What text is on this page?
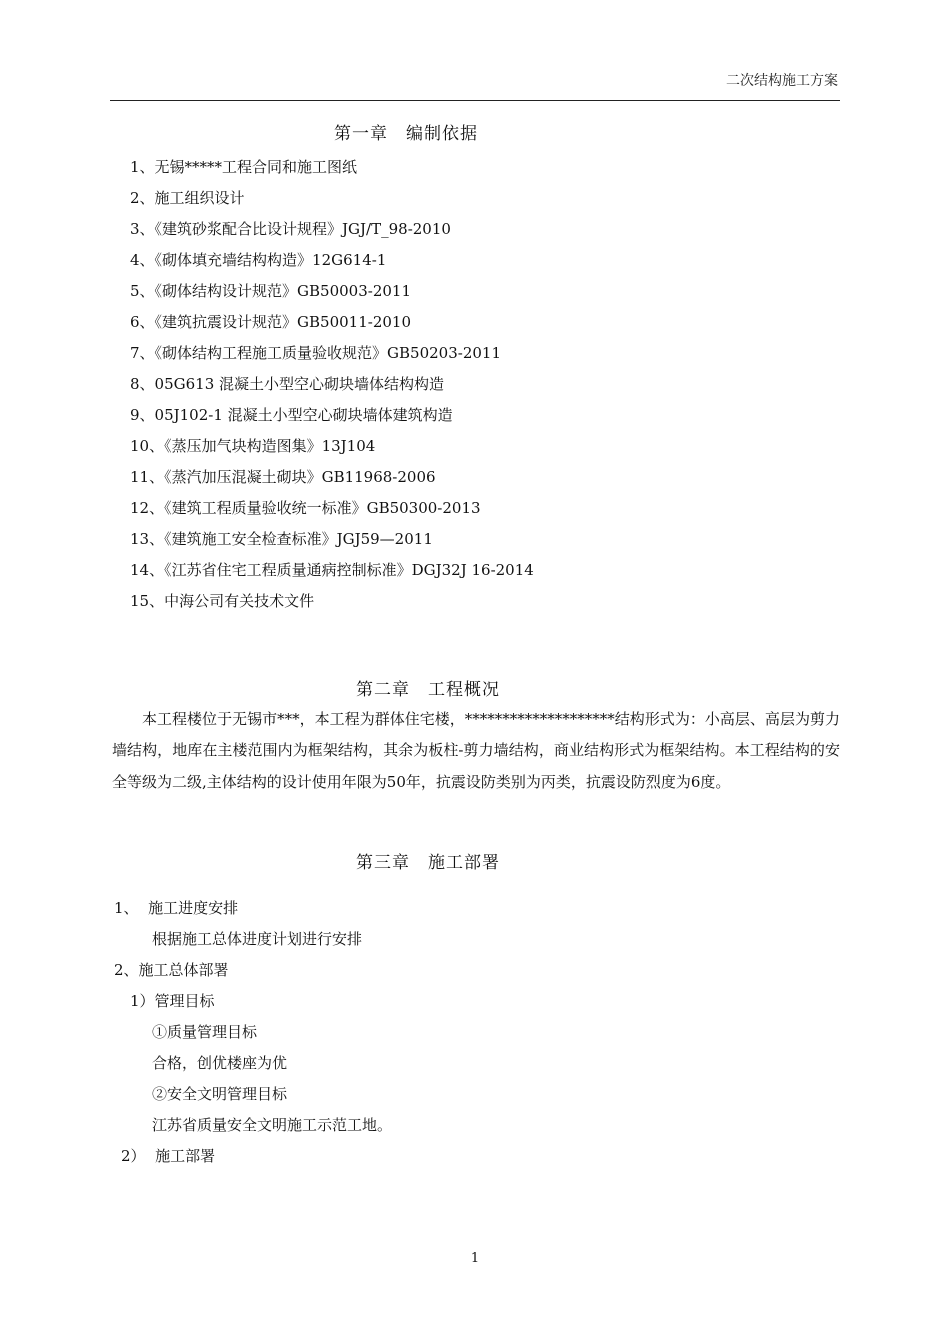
二次结构施工方案
第一章　编制依据
1、无锡*****工程合同和施工图纸
2、施工组织设计
3、《建筑砂浆配合比设计规程》JGJ/T_98-2010
4、《砌体填充墙结构构造》12G614-1
5、《砌体结构设计规范》GB50003-2011
6、《建筑抗震设计规范》GB50011-2010
7、《砌体结构工程施工质量验收规范》GB50203-2011
8、05G613 混凝土小型空心砌块墙体结构构造
9、05J102-1 混凝土小型空心砌块墙体建筑构造
10、《蒸压加气块构造图集》13J104
11、《蒸汽加压混凝土砌块》GB11968-2006
12、《建筑工程质量验收统一标准》GB50300-2013
13、《建筑施工安全检查标准》JGJ59—2011
14、《江苏省住宅工程质量通病控制标准》DGJ32J 16-2014
15、中海公司有关技术文件
第二章　工程概况

本工程楼位于无锡市***，本工程为群体住宅楼，********************结构形式为：小高层、高层为剪力墙结构，地库在主楼范围内为框架结构，其余为板柱-剪力墙结构，商业结构形式为框架结构。本工程结构的安全等级为二级,主体结构的设计使用年限为50年，抗震设防类别为丙类，抗震设防烈度为6度。

第三章　施工部署
1、  施工进度安排
根据施工总体进度计划进行安排
2、施工总体部署
1）管理目标
①质量管理目标
合格，创优楼座为优
②安全文明管理目标
江苏省质量安全文明施工示范工地。
2）  施工部署
1
